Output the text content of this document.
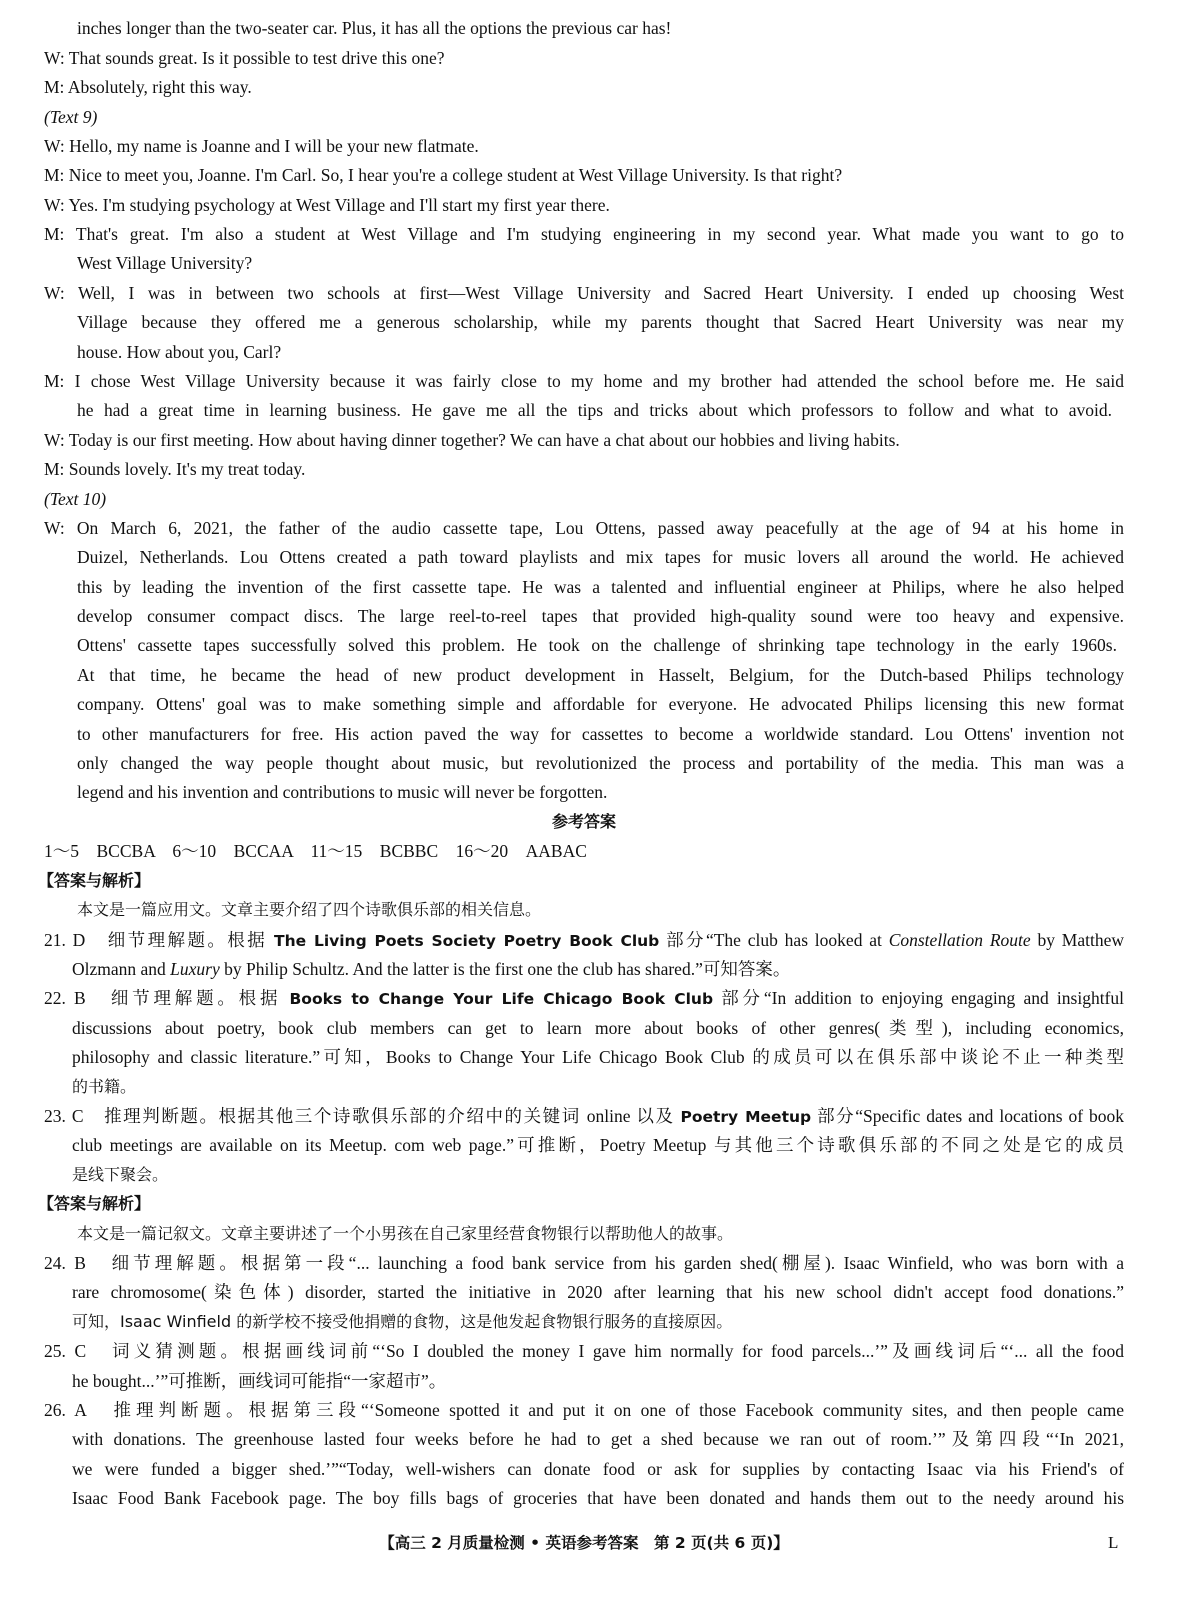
inches longer than the two-seater car. Plus, it has all the options the previous car has!
W: That sounds great. Is it possible to test drive this one?
M: Absolutely, right this way.
(Text 9)
W: Hello, my name is Joanne and I will be your new flatmate.
M: Nice to meet you, Joanne. I'm Carl. So, I hear you're a college student at West Village University. Is that right?
W: Yes. I'm studying psychology at West Village and I'll start my first year there.
M: That's great. I'm also a student at West Village and I'm studying engineering in my second year. What made you want to go to
West Village University?
W: Well, I was in between two schools at first—West Village University and Sacred Heart University. I ended up choosing West
Village because they offered me a generous scholarship, while my parents thought that Sacred Heart University was near my
house. How about you, Carl?
M: I chose West Village University because it was fairly close to my home and my brother had attended the school before me. He said
he had a great time in learning business. He gave me all the tips and tricks about which professors to follow and what to avoid.
W: Today is our first meeting. How about having dinner together? We can have a chat about our hobbies and living habits.
M: Sounds lovely. It's my treat today.
(Text 10)
W: On March 6, 2021, the father of the audio cassette tape, Lou Ottens, passed away peacefully at the age of 94 at his home in
Duizel, Netherlands. Lou Ottens created a path toward playlists and mix tapes for music lovers all around the world. He achieved
this by leading the invention of the first cassette tape. He was a talented and influential engineer at Philips, where he also helped
develop consumer compact discs. The large reel-to-reel tapes that provided high-quality sound were too heavy and expensive.
Ottens' cassette tapes successfully solved this problem. He took on the challenge of shrinking tape technology in the early 1960s.
At that time, he became the head of new product development in Hasselt, Belgium, for the Dutch-based Philips technology
company. Ottens' goal was to make something simple and affordable for everyone. He advocated Philips licensing this new format
to other manufacturers for free. His action paved the way for cassettes to become a worldwide standard. Lou Ottens' invention not
only changed the way people thought about music, but revolutionized the process and portability of the media. This man was a
legend and his invention and contributions to music will never be forgotten.
参考答案
1～5　BCCBA　6～10　BCCAA　11～15　BCBBC　16～20　AABAC
【答案与解析】
本文是一篇应用文。文章主要介绍了四个诗歌俱乐部的相关信息。
21. D　细节理解题。根据 The Living Poets Society Poetry Book Club 部分“The club has looked at Constellation Route by Matthew
Olzmann and Luxury by Philip Schultz. And the latter is the first one the club has shared.”可知答案。
22. B　细节理解题。根据 Books to Change Your Life Chicago Book Club 部分“In addition to enjoying engaging and insightful
discussions about poetry, book club members can get to learn more about books of other genres(类型), including economics,
philosophy and classic literature.”可知，Books to Change Your Life Chicago Book Club 的成员可以在俱乐部中谈论不止一种类型
的书籍。
23. C　推理判断题。根据其他三个诗歌俱乐部的介绍中的关键词 online 以及 Poetry Meetup 部分“Specific dates and locations of book
club meetings are available on its Meetup. com web page.”可推断，Poetry Meetup 与其他三个诗歌俱乐部的不同之处是它的成员
是线下聚会。
【答案与解析】
本文是一篇记叙文。文章主要讲述了一个小男孩在自己家里经营食物银行以帮助他人的故事。
24. B　细节理解题。根据第一段“... launching a food bank service from his garden shed(棚屋). Isaac Winfield, who was born with a
rare chromosome(染色体) disorder, started the initiative in 2020 after learning that his new school didn't accept food donations.”
可知，Isaac Winfield 的新学校不接受他捐赠的食物，这是他发起食物银行服务的直接原因。
25. C　词义猜测题。根据画线词前“‘So I doubled the money I gave him normally for food parcels...’”及画线词后“‘... all the food
he bought...’”可推断，画线词可能指“一家超市”。
26. A　推理判断题。根据第三段“‘Someone spotted it and put it on one of those Facebook community sites, and then people came
with donations. The greenhouse lasted four weeks before he had to get a shed because we ran out of room.’”及第四段“‘In 2021,
we were funded a bigger shed.’”“Today, well-wishers can donate food or ask for supplies by contacting Isaac via his Friend's of
Isaac Food Bank Facebook page. The boy fills bags of groceries that have been donated and hands them out to the needy around his
【高三 2 月质量检测 • 英语参考答案　第 2 页(共 6 页)】	L
